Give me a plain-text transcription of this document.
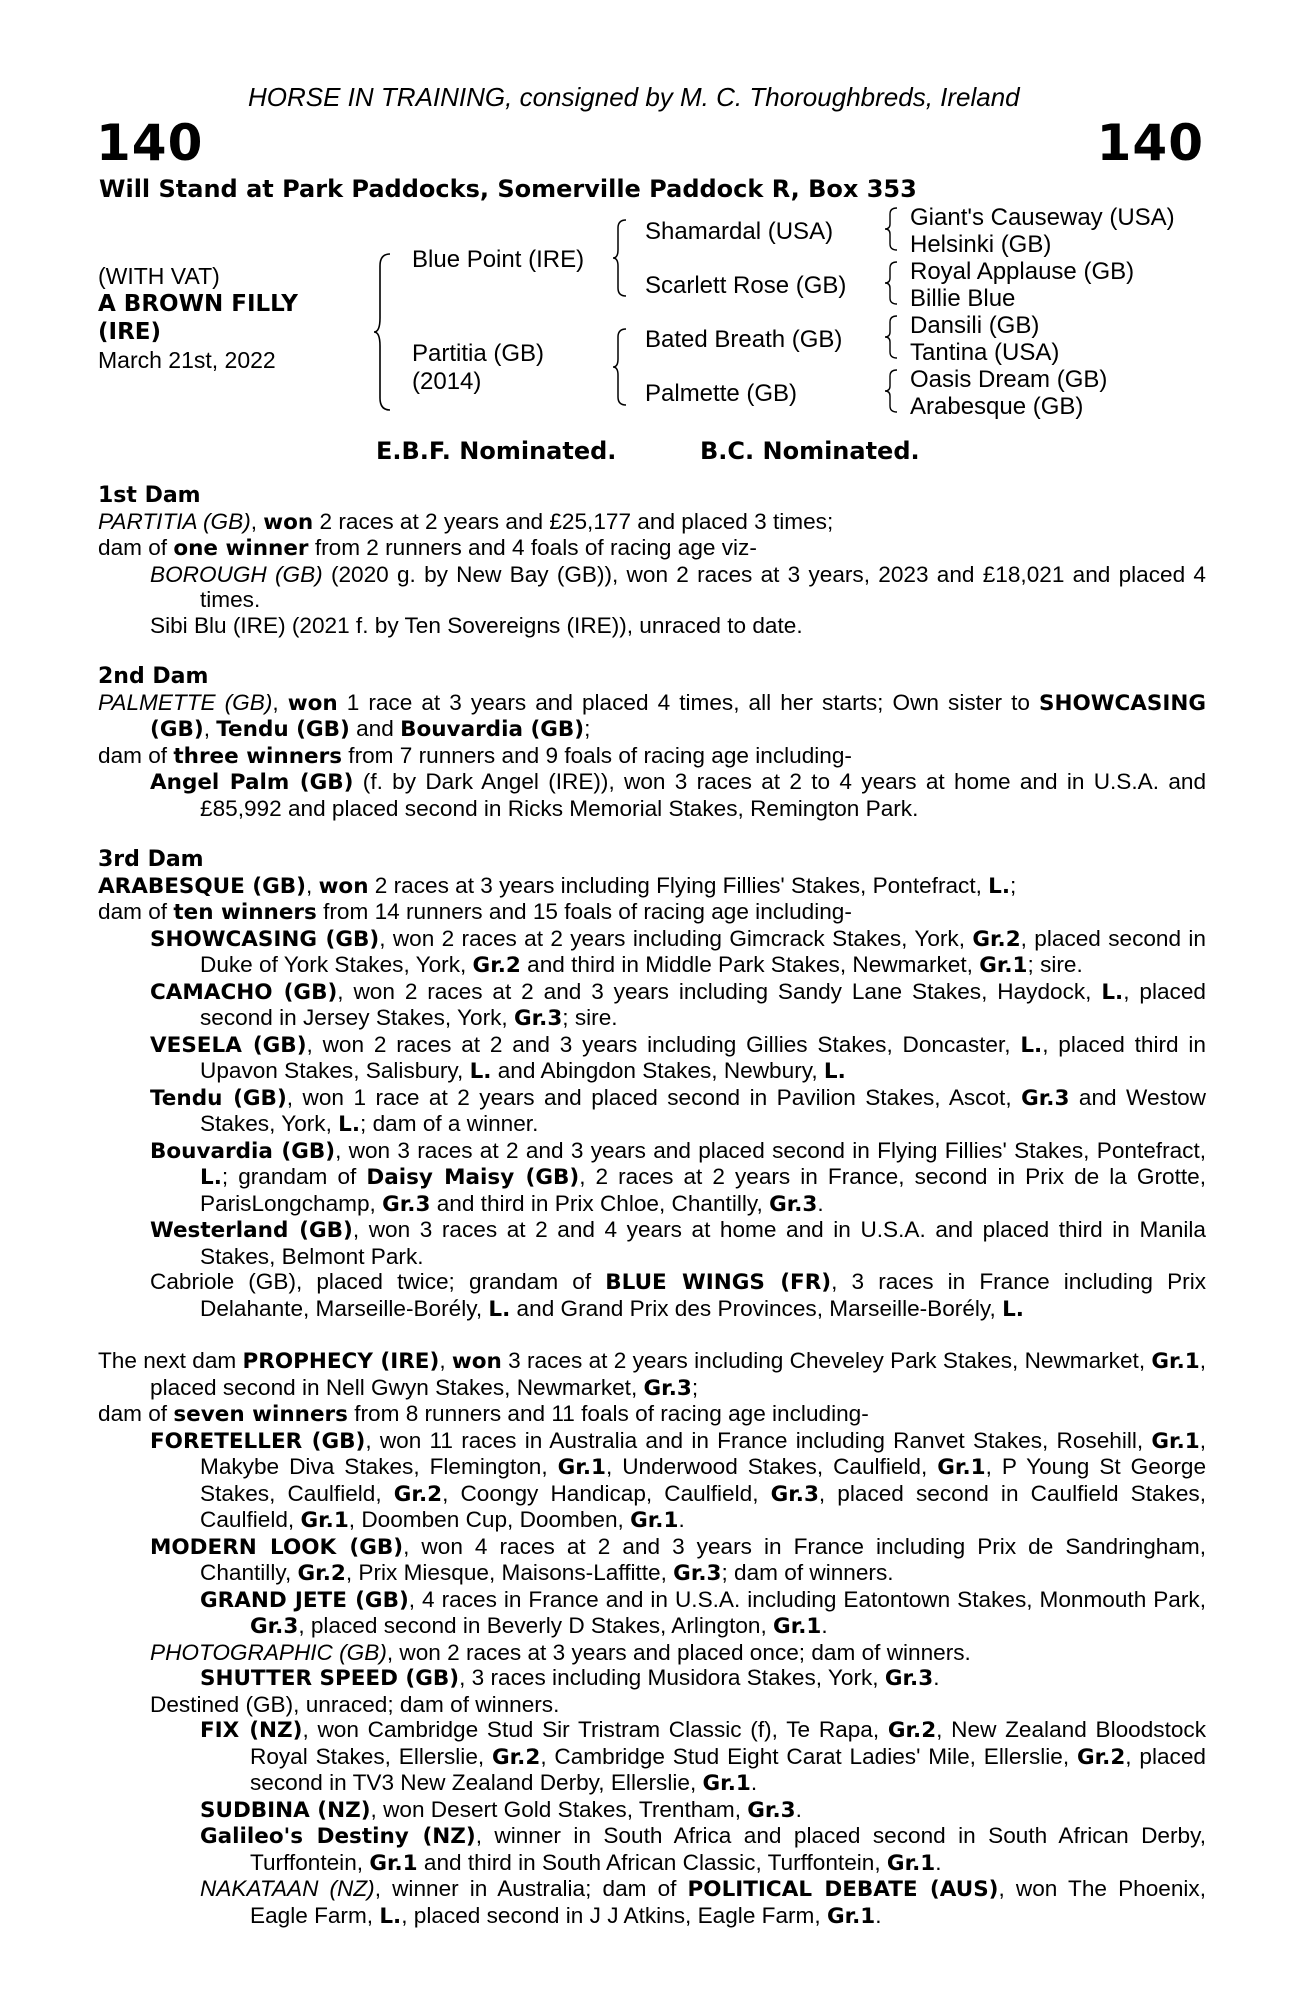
HORSE IN TRAINING, consigned by M. C. Thoroughbreds, Ireland
140	140
Will Stand at Park Paddocks, Somerville Paddock R, Box 353
(WITH VAT)
A BROWN FILLY
(IRE)
March 21st, 2022
Blue Point (IRE)
Partitia (GB)
(2014)
Shamardal (USA)
Scarlett Rose (GB)
Bated Breath (GB)
Palmette (GB)
Giant's Causeway (USA)
Helsinki (GB)
Royal Applause (GB)
Billie Blue
Dansili (GB)
Tantina (USA)
Oasis Dream (GB)
Arabesque (GB)
E.B.F. Nominated.	B.C. Nominated.
1st Dam
PARTITIA (GB), won 2 races at 2 years and £25,177 and placed 3 times;
dam of one winner from 2 runners and 4 foals of racing age viz-
BOROUGH (GB) (2020 g. by New Bay (GB)), won 2 races at 3 years, 2023 and £18,021 and placed 4 times.
Sibi Blu (IRE) (2021 f. by Ten Sovereigns (IRE)), unraced to date.
2nd Dam
PALMETTE (GB), won 1 race at 3 years and placed 4 times, all her starts; Own sister to SHOWCASING (GB), Tendu (GB) and Bouvardia (GB);
dam of three winners from 7 runners and 9 foals of racing age including-
Angel Palm (GB) (f. by Dark Angel (IRE)), won 3 races at 2 to 4 years at home and in U.S.A. and £85,992 and placed second in Ricks Memorial Stakes, Remington Park.
3rd Dam
ARABESQUE (GB), won 2 races at 3 years including Flying Fillies' Stakes, Pontefract, L.;
dam of ten winners from 14 runners and 15 foals of racing age including-
SHOWCASING (GB), won 2 races at 2 years including Gimcrack Stakes, York, Gr.2, placed second in Duke of York Stakes, York, Gr.2 and third in Middle Park Stakes, Newmarket, Gr.1; sire.
CAMACHO (GB), won 2 races at 2 and 3 years including Sandy Lane Stakes, Haydock, L., placed second in Jersey Stakes, York, Gr.3; sire.
VESELA (GB), won 2 races at 2 and 3 years including Gillies Stakes, Doncaster, L., placed third in Upavon Stakes, Salisbury, L. and Abingdon Stakes, Newbury, L.
Tendu (GB), won 1 race at 2 years and placed second in Pavilion Stakes, Ascot, Gr.3 and Westow Stakes, York, L.; dam of a winner.
Bouvardia (GB), won 3 races at 2 and 3 years and placed second in Flying Fillies' Stakes, Pontefract, L.; grandam of Daisy Maisy (GB), 2 races at 2 years in France, second in Prix de la Grotte, ParisLongchamp, Gr.3 and third in Prix Chloe, Chantilly, Gr.3.
Westerland (GB), won 3 races at 2 and 4 years at home and in U.S.A. and placed third in Manila Stakes, Belmont Park.
Cabriole (GB), placed twice; grandam of BLUE WINGS (FR), 3 races in France including Prix Delahante, Marseille-Borély, L. and Grand Prix des Provinces, Marseille-Borély, L.
The next dam PROPHECY (IRE), won 3 races at 2 years including Cheveley Park Stakes, Newmarket, Gr.1, placed second in Nell Gwyn Stakes, Newmarket, Gr.3;
dam of seven winners from 8 runners and 11 foals of racing age including-
FORETELLER (GB), won 11 races in Australia and in France including Ranvet Stakes, Rosehill, Gr.1, Makybe Diva Stakes, Flemington, Gr.1, Underwood Stakes, Caulfield, Gr.1, P Young St George Stakes, Caulfield, Gr.2, Coongy Handicap, Caulfield, Gr.3, placed second in Caulfield Stakes, Caulfield, Gr.1, Doomben Cup, Doomben, Gr.1.
MODERN LOOK (GB), won 4 races at 2 and 3 years in France including Prix de Sandringham, Chantilly, Gr.2, Prix Miesque, Maisons-Laffitte, Gr.3; dam of winners.
GRAND JETE (GB), 4 races in France and in U.S.A. including Eatontown Stakes, Monmouth Park, Gr.3, placed second in Beverly D Stakes, Arlington, Gr.1.
PHOTOGRAPHIC (GB), won 2 races at 3 years and placed once; dam of winners.
SHUTTER SPEED (GB), 3 races including Musidora Stakes, York, Gr.3.
Destined (GB), unraced; dam of winners.
FIX (NZ), won Cambridge Stud Sir Tristram Classic (f), Te Rapa, Gr.2, New Zealand Bloodstock Royal Stakes, Ellerslie, Gr.2, Cambridge Stud Eight Carat Ladies' Mile, Ellerslie, Gr.2, placed second in TV3 New Zealand Derby, Ellerslie, Gr.1.
SUDBINA (NZ), won Desert Gold Stakes, Trentham, Gr.3.
Galileo's Destiny (NZ), winner in South Africa and placed second in South African Derby, Turffontein, Gr.1 and third in South African Classic, Turffontein, Gr.1.
NAKATAAN (NZ), winner in Australia; dam of POLITICAL DEBATE (AUS), won The Phoenix, Eagle Farm, L., placed second in J J Atkins, Eagle Farm, Gr.1.
